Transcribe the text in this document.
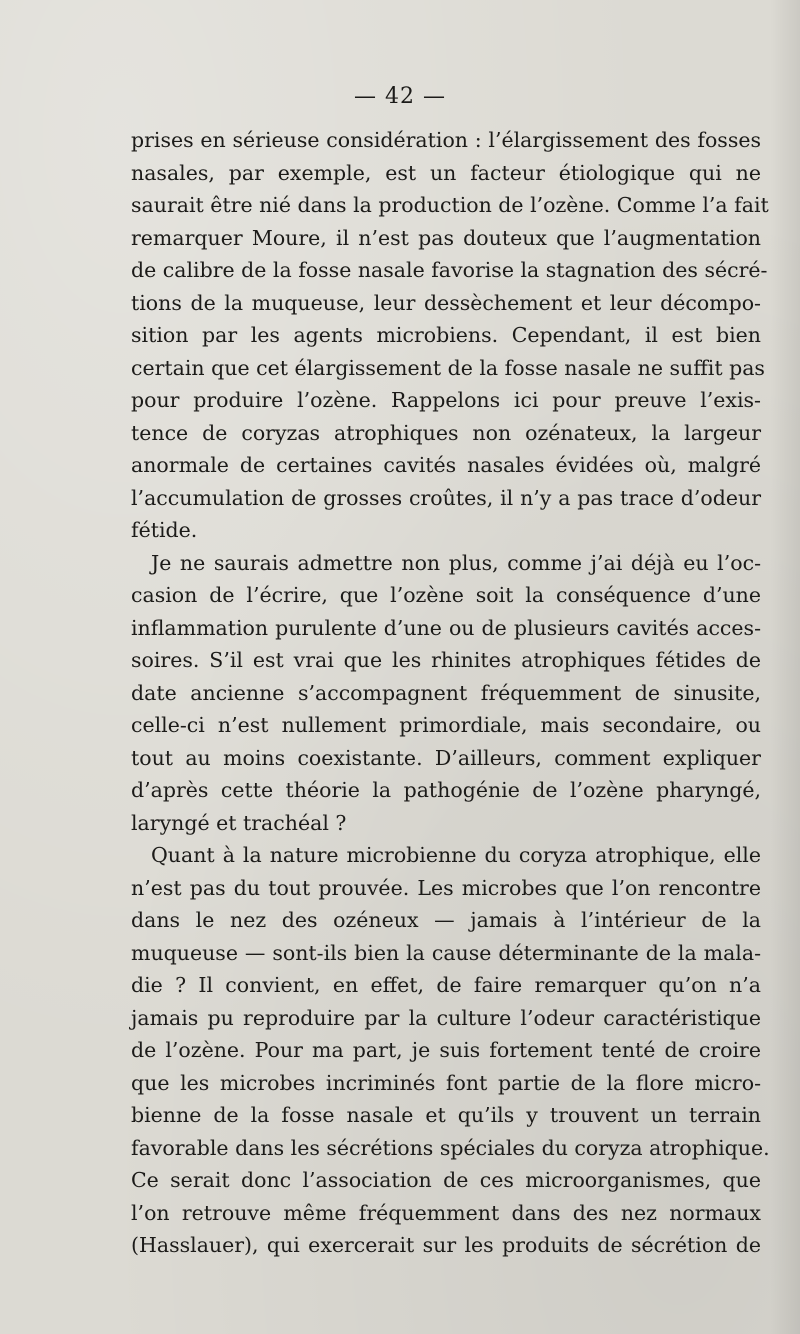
— 42 —
prises en sérieuse considération : l’élargissement des fosses
nasales, par exemple, est un facteur étiologique qui ne
saurait être nié dans la production de l’ozène. Comme l’a fait
remarquer Moure, il n’est pas douteux que l’augmentation
de calibre de la fosse nasale favorise la stagnation des sécré-
tions de la muqueuse, leur dessèchement et leur décompo-
sition par les agents microbiens. Cependant, il est bien
certain que cet élargissement de la fosse nasale ne suffit pas
pour produire l’ozène. Rappelons ici pour preuve l’exis-
tence de coryzas atrophiques non ozénateux, la largeur
anormale de certaines cavités nasales évidées où, malgré
l’accumulation de grosses croûtes, il n’y a pas trace d’odeur
fétide.
Je ne saurais admettre non plus, comme j’ai déjà eu l’oc-
casion de l’écrire, que l’ozène soit la conséquence d’une
inflammation purulente d’une ou de plusieurs cavités acces-
soires. S’il est vrai que les rhinites atrophiques fétides de
date ancienne s’accompagnent fréquemment de sinusite,
celle-ci n’est nullement primordiale, mais secondaire, ou
tout au moins coexistante. D’ailleurs, comment expliquer
d’après cette théorie la pathogénie de l’ozène pharyngé,
laryngé et trachéal ?
Quant à la nature microbienne du coryza atrophique, elle
n’est pas du tout prouvée. Les microbes que l’on rencontre
dans le nez des ozéneux — jamais à l’intérieur de la
muqueuse — sont-ils bien la cause déterminante de la mala-
die ? Il convient, en effet, de faire remarquer qu’on n’a
jamais pu reproduire par la culture l’odeur caractéristique
de l’ozène. Pour ma part, je suis fortement tenté de croire
que les microbes incriminés font partie de la flore micro-
bienne de la fosse nasale et qu’ils y trouvent un terrain
favorable dans les sécrétions spéciales du coryza atrophique.
Ce serait donc l’association de ces microorganismes, que
l’on retrouve même fréquemment dans des nez normaux
(Hasslauer), qui exercerait sur les produits de sécrétion de
